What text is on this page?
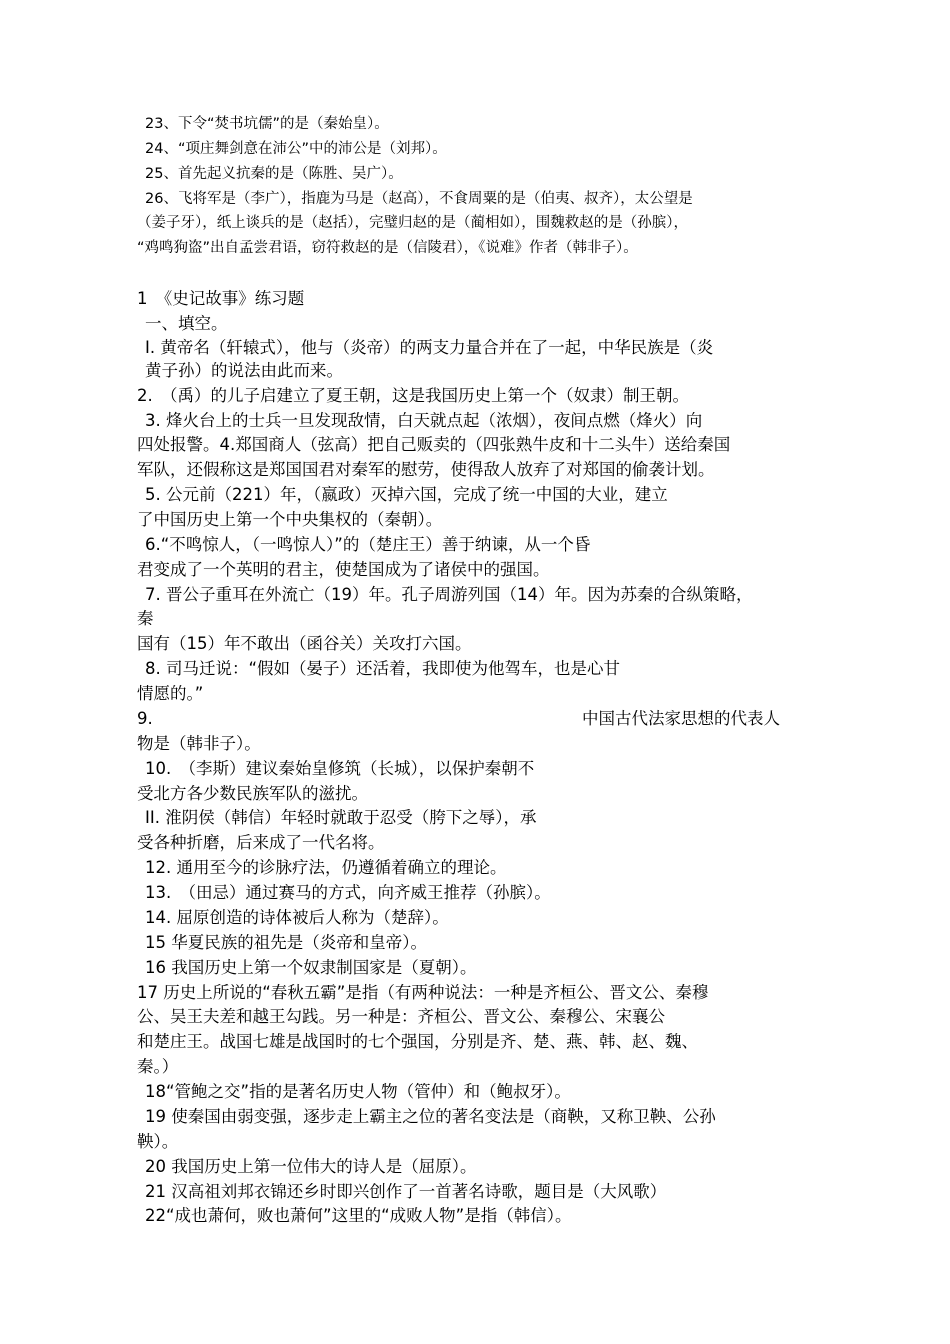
23、下令“焚书坑儒”的是（秦始皇）。
24、“项庄舞剑意在沛公”中的沛公是（刘邦）。
25、首先起义抗秦的是（陈胜、吴广）。
26、飞将军是（李广），指鹿为马是（赵高），不食周粟的是（伯夷、叔齐），太公望是
（姜子牙），纸上谈兵的是（赵括），完璧归赵的是（蔺相如），围魏救赵的是（孙膑），
“鸡鸣狗盗”出自孟尝君语，窃符救赵的是（信陵君），《说难》作者（韩非子）。
1　《史记故事》练习题
一、填空。
I. 黄帝名（轩辕式），他与（炎帝）的两支力量合并在了一起，中华民族是（炎
黄子孙）的说法由此而来。
2.　（禹）的儿子启建立了夏王朝，这是我国历史上第一个（奴隶）制王朝。
3. 烽火台上的士兵一旦发现敌情，白天就点起（浓烟），夜间点燃（烽火）向
四处报警。4.郑国商人（弦高）把自己贩卖的（四张熟牛皮和十二头牛）送给秦国
军队，还假称这是郑国国君对秦军的慰劳，使得敌人放弃了对郑国的偷袭计划。
5. 公元前（221）年，（嬴政）灭掉六国，完成了统一中国的大业，建立
了中国历史上第一个中央集权的（秦朝）。
6.“不鸣惊人，（一鸣惊人）”的（楚庄王）善于纳谏，从一个昏
君变成了一个英明的君主，使楚国成为了诸侯中的强国。
7. 晋公子重耳在外流亡（19）年。孔子周游列国（14）年。因为苏秦的合纵策略，
秦
国有（15）年不敢出（函谷关）关攻打六国。
8. 司马迁说：“假如（晏子）还活着，我即使为他驾车，也是心甘
情愿的。”
9.	中国古代法家思想的代表人
物是（韩非子）。
10.　（李斯）建议秦始皇修筑（长城），以保护秦朝不
受北方各少数民族军队的滋扰。
II. 淮阴侯（韩信）年轻时就敢于忍受（胯下之辱），承
受各种折磨，后来成了一代名将。
12. 通用至今的诊脉疗法，仍遵循着确立的理论。
13.　（田忌）通过赛马的方式，向齐威王推荐（孙膑）。
14. 屈原创造的诗体被后人称为（楚辞）。
15 华夏民族的祖先是（炎帝和皇帝）。
16 我国历史上第一个奴隶制国家是（夏朝）。
17 历史上所说的“春秋五霸”是指（有两种说法：一种是齐桓公、晋文公、秦穆
公、吴王夫差和越王勾践。另一种是：齐桓公、晋文公、秦穆公、宋襄公
和楚庄王。战国七雄是战国时的七个强国，分别是齐、楚、燕、韩、赵、魏、
秦。）
18“管鲍之交”指的是著名历史人物（管仲）和（鲍叔牙）。
19 使秦国由弱变强，逐步走上霸主之位的著名变法是（商鞅，又称卫鞅、公孙
鞅）。
20 我国历史上第一位伟大的诗人是（屈原）。
21 汉高祖刘邦衣锦还乡时即兴创作了一首著名诗歌，题目是（大风歌）
22“成也萧何，败也萧何”这里的“成败人物”是指（韩信）。
